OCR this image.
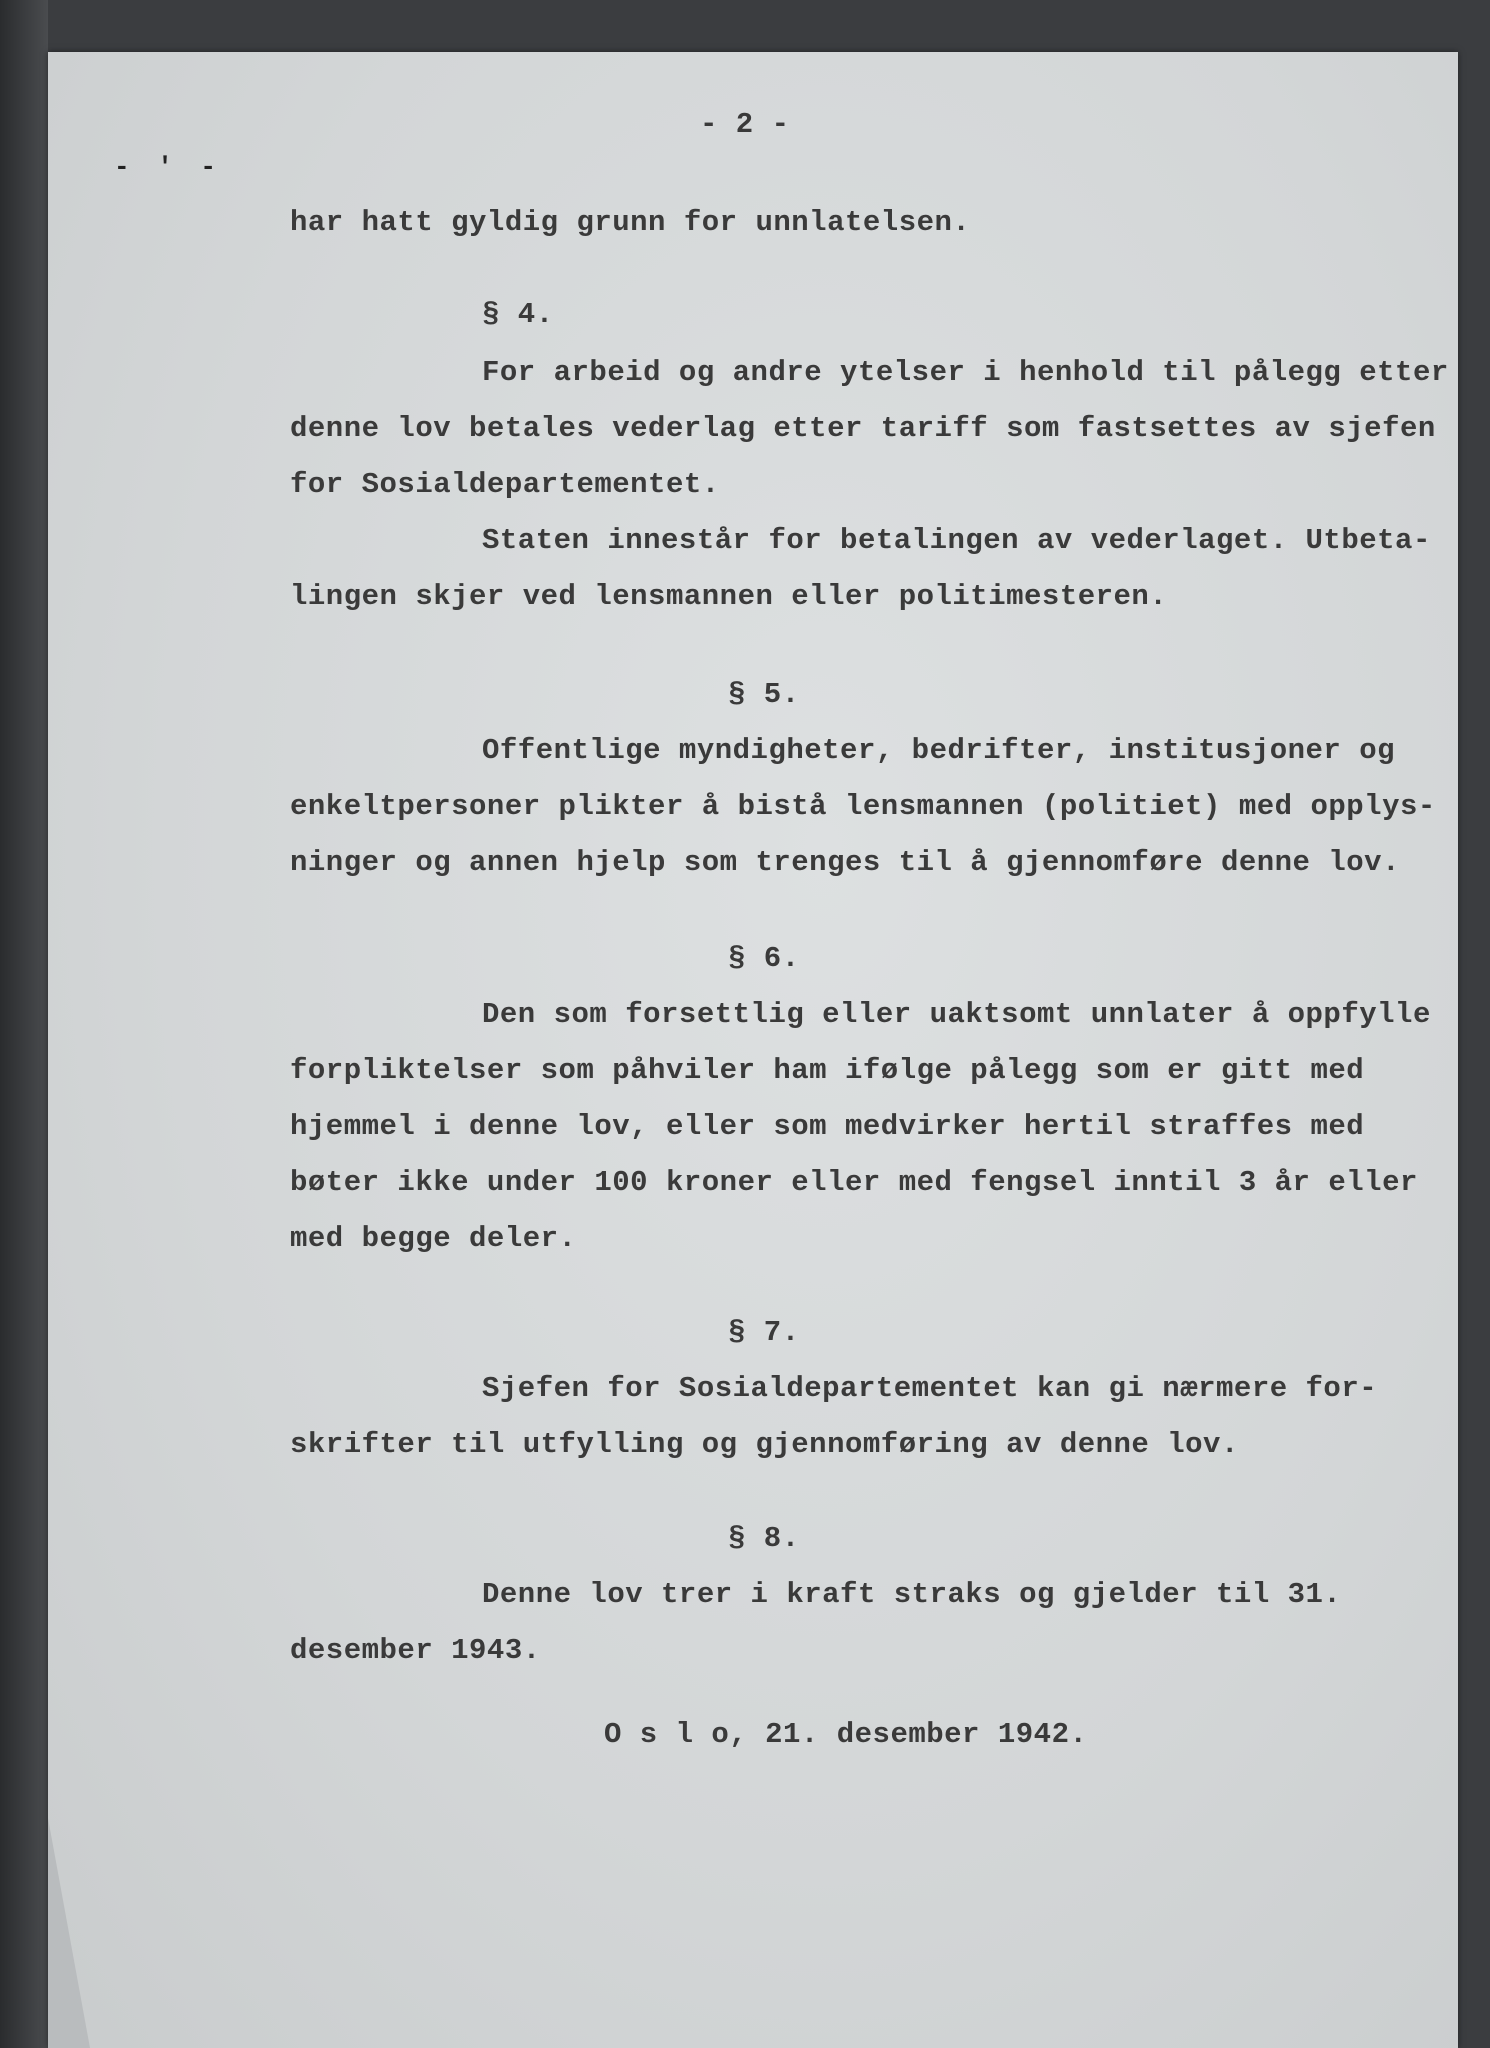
- ' -

- 2 -

har hatt gyldig grunn for unnlatelsen.

§ 4.

For arbeid og andre ytelser i henhold til pålegg etter

denne lov betales vederlag etter tariff som fastsettes av sjefen

for Sosialdepartementet.

Staten innestår for betalingen av vederlaget. Utbeta-

lingen skjer ved lensmannen eller politimesteren.

§ 5.

Offentlige myndigheter, bedrifter, institusjoner og

enkeltpersoner plikter å bistå lensmannen (politiet) med opplys-

ninger og annen hjelp som trenges til å gjennomføre denne lov.

§ 6.

Den som forsettlig eller uaktsomt unnlater å oppfylle

forpliktelser som påhviler ham ifølge pålegg som er gitt med

hjemmel i denne lov, eller som medvirker hertil straffes med

bøter ikke under 100 kroner eller med fengsel inntil 3 år eller

med begge deler.

§ 7.

Sjefen for Sosialdepartementet kan gi nærmere for-

skrifter til utfylling og gjennomføring av denne lov.

§ 8.

Denne lov trer i kraft straks og gjelder til 31.

desember 1943.

O s l o, 21. desember 1942.
